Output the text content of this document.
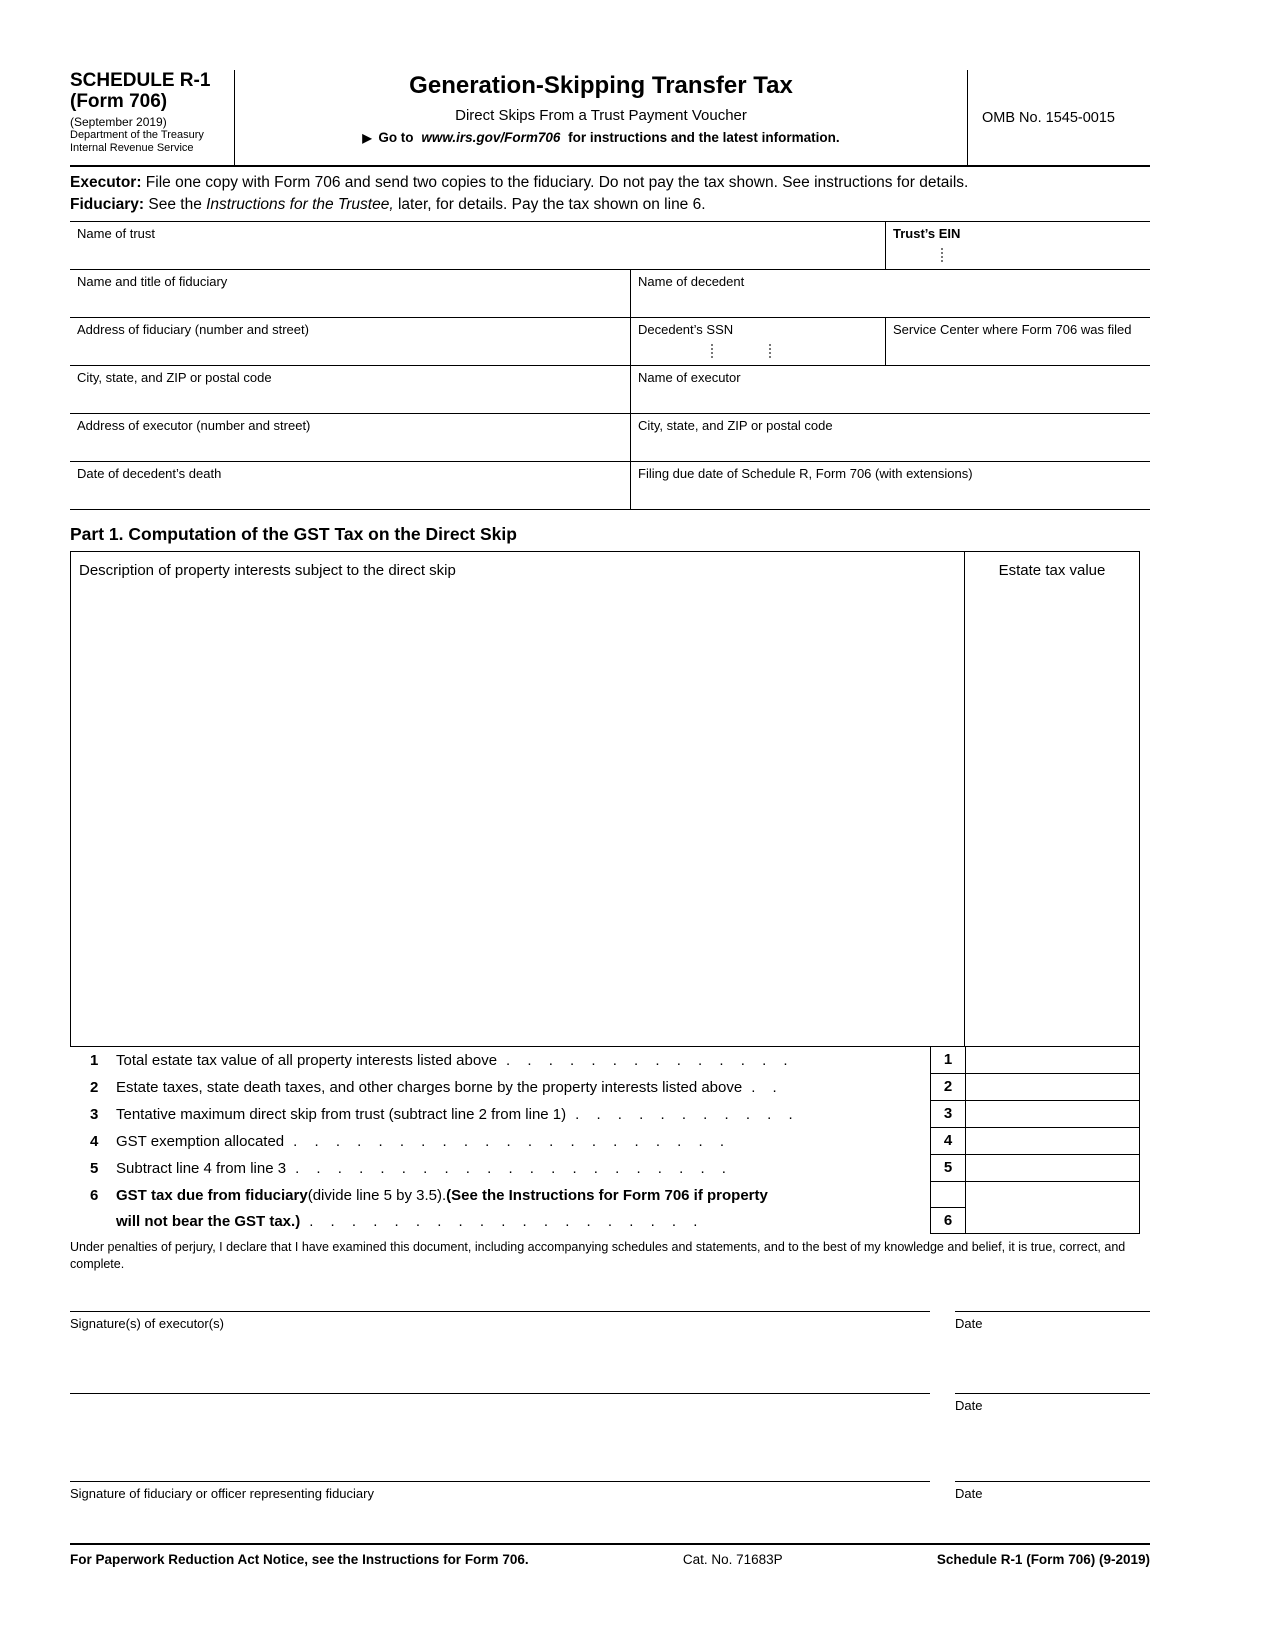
SCHEDULE R-1
(Form 706)
(September 2019)
Department of the Treasury
Internal Revenue Service
Generation-Skipping Transfer Tax
Direct Skips From a Trust Payment Voucher
▶ Go to www.irs.gov/Form706 for instructions and the latest information.
OMB No. 1545-0015
Executor: File one copy with Form 706 and send two copies to the fiduciary. Do not pay the tax shown. See instructions for details.
Fiduciary: See the Instructions for the Trustee, later, for details. Pay the tax shown on line 6.
Name of trust	Trust’s EIN
Name and title of fiduciary	Name of decedent
Address of fiduciary (number and street)	Decedent’s SSN	Service Center where Form 706 was filed
City, state, and ZIP or postal code	Name of executor
Address of executor (number and street)	City, state, and ZIP or postal code
Date of decedent’s death	Filing due date of Schedule R, Form 706 (with extensions)
Part 1. Computation of the GST Tax on the Direct Skip
Description of property interests subject to the direct skip	Estate tax value
1	Total estate tax value of all property interests listed above . . . . . . . . . . . . . .	1
2	Estate taxes, state death taxes, and other charges borne by the property interests listed above . .	2
3	Tentative maximum direct skip from trust (subtract line 2 from line 1) . . . . . . . . . . .	3
4	GST exemption allocated . . . . . . . . . . . . . . . . . . . . .	4
5	Subtract line 4 from line 3 . . . . . . . . . . . . . . . . . . . . .	5
6	GST tax due from fiduciary (divide line 5 by 3.5). (See the Instructions for Form 706 if property
will not bear the GST tax.) . . . . . . . . . . . . . . . . . . .	6

Under penalties of perjury, I declare that I have examined this document, including accompanying schedules and statements, and to the best of my knowledge and belief, it is true, correct, and complete.

Signature(s) of executor(s)	Date
Date
Signature of fiduciary or officer representing fiduciary	Date
For Paperwork Reduction Act Notice, see the Instructions for Form 706.	Cat. No. 71683P	Schedule R-1 (Form 706) (9-2019)
